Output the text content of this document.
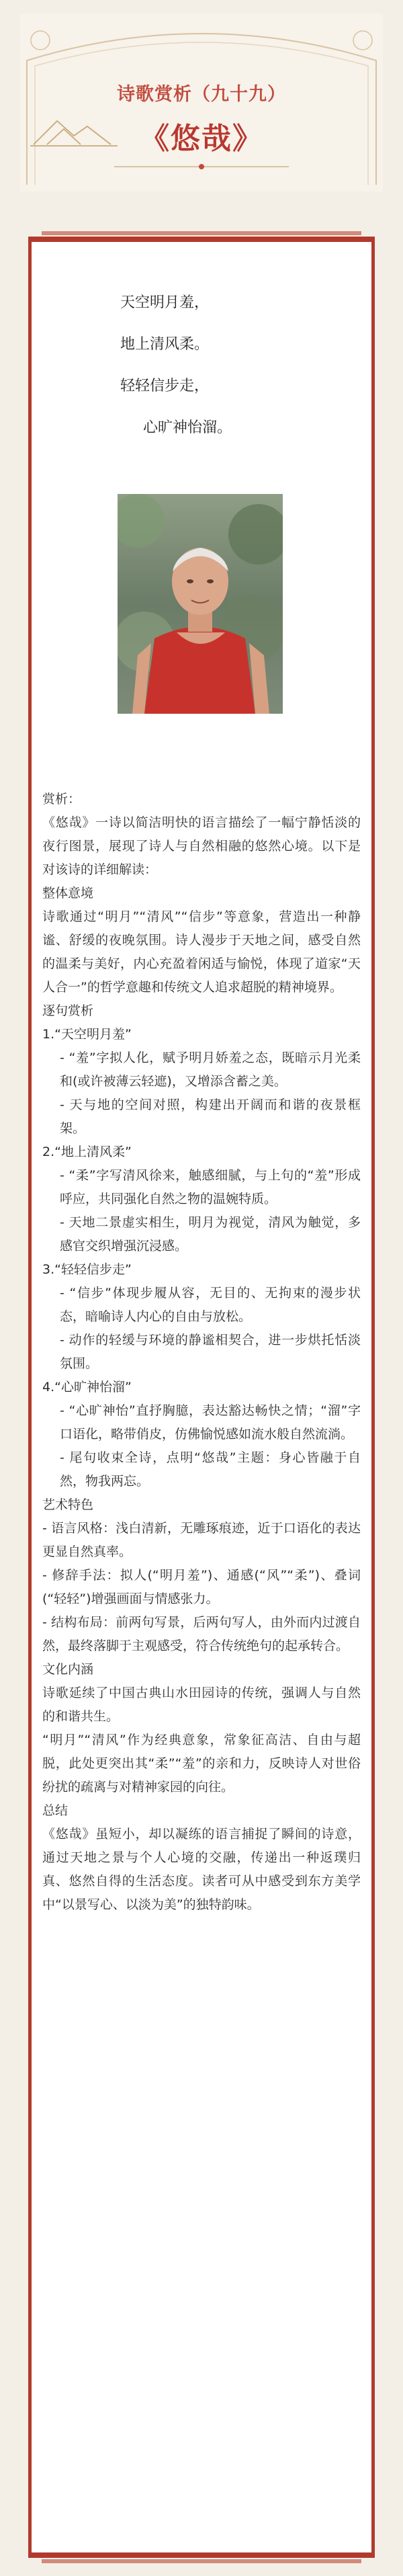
诗歌赏析（九十九）
《悠哉》
天空明月羞，
地上清风柔。
轻轻信步走，
心旷神怡溜。

赏析：

《悠哉》一诗以简洁明快的语言描绘了一幅宁静恬淡的夜行图景，展现了诗人与自然相融的悠然心境。以下是对该诗的详细解读：

整体意境

诗歌通过“明月”“清风”“信步”等意象，营造出一种静谧、舒缓的夜晚氛围。诗人漫步于天地之间，感受自然的温柔与美好，内心充盈着闲适与愉悦，体现了道家“天人合一”的哲学意趣和传统文人追求超脱的精神境界。

逐句赏析

1.“天空明月羞”

- “羞”字拟人化，赋予明月娇羞之态，既暗示月光柔和(或许被薄云轻遮)，又增添含蓄之美。

- 天与地的空间对照，构建出开阔而和谐的夜景框架。

2.“地上清风柔”

- “柔”字写清风徐来，触感细腻，与上句的“羞”形成呼应，共同强化自然之物的温婉特质。

- 天地二景虚实相生，明月为视觉，清风为触觉，多感官交织增强沉浸感。

3.“轻轻信步走”

- “信步”体现步履从容，无目的、无拘束的漫步状态，暗喻诗人内心的自由与放松。

- 动作的轻缓与环境的静谧相契合，进一步烘托恬淡氛围。

4.“心旷神怡溜”

- “心旷神怡”直抒胸臆，表达豁达畅快之情；“溜”字口语化，略带俏皮，仿佛愉悦感如流水般自然流淌。

- 尾句收束全诗，点明“悠哉”主题：身心皆融于自然，物我两忘。

艺术特色

- 语言风格：浅白清新，无雕琢痕迹，近于口语化的表达更显自然真率。

- 修辞手法：拟人(“明月羞”)、通感(“风”“柔”)、叠词(“轻轻”)增强画面与情感张力。

- 结构布局：前两句写景，后两句写人，由外而内过渡自然，最终落脚于主观感受，符合传统绝句的起承转合。

文化内涵

诗歌延续了中国古典山水田园诗的传统，强调人与自然的和谐共生。

“明月”“清风”作为经典意象，常象征高洁、自由与超脱，此处更突出其“柔”“羞”的亲和力，反映诗人对世俗纷扰的疏离与对精神家园的向往。

总结

《悠哉》虽短小，却以凝练的语言捕捉了瞬间的诗意，通过天地之景与个人心境的交融，传递出一种返璞归真、悠然自得的生活态度。读者可从中感受到东方美学中“以景写心、以淡为美”的独特韵味。
